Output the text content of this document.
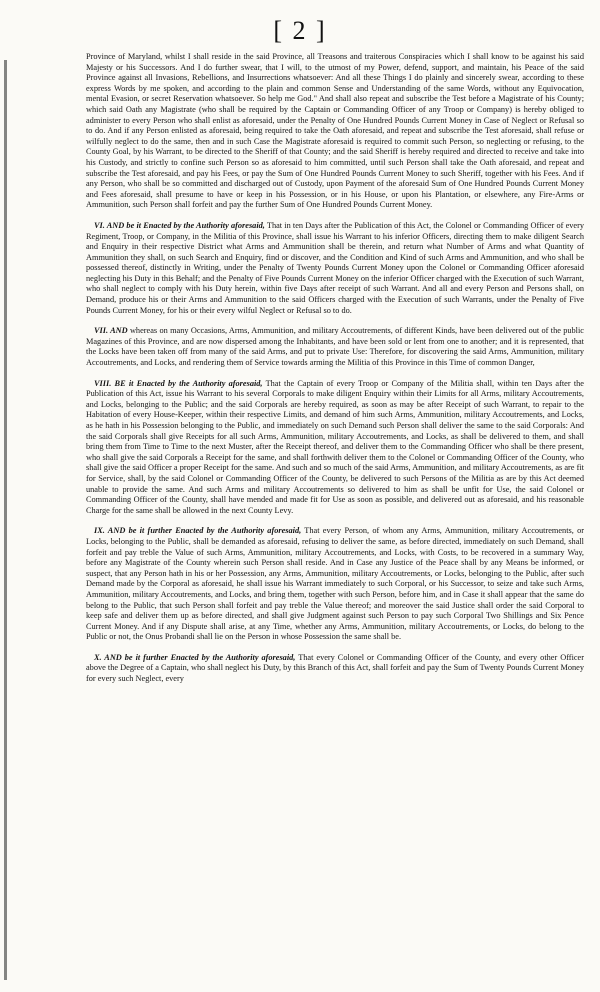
[ 2 ]

Province of Maryland, whilst I shall reside in the said Province, all Treasons and traiterous Conspiracies which I shall know to be against his said Majesty or his Successors. And I do further swear, that I will, to the utmost of my Power, defend, support, and maintain, his Peace of the said Province against all Invasions, Rebellions, and Insurrections whatsoever: And all these Things I do plainly and sincerely swear, according to these express Words by me spoken, and according to the plain and common Sense and Understanding of the same Words, without any Equivocation, mental Evasion, or secret Reservation whatsoever. So help me God." And shall also repeat and subscribe the Test before a Magistrate of his County; which said Oath any Magistrate (who shall be required by the Captain or Commanding Officer of any Troop or Company) is hereby obliged to administer to every Person who shall enlist as aforesaid, under the Penalty of One Hundred Pounds Current Money in Case of Neglect or Refusal so to do. And if any Person enlisted as aforesaid, being required to take the Oath aforesaid, and repeat and subscribe the Test aforesaid, shall refuse or wilfully neglect to do the same, then and in such Case the Magistrate aforesaid is required to commit such Person, so neglecting or refusing, to the County Goal, by his Warrant, to be directed to the Sheriff of that County; and the said Sheriff is hereby required and directed to receive and take into his Custody, and strictly to confine such Person so as aforesaid to him committed, until such Person shall take the Oath aforesaid, and repeat and subscribe the Test aforesaid, and pay his Fees, or pay the Sum of One Hundred Pounds Current Money to such Sheriff, together with his Fees. And if any Person, who shall be so committed and discharged out of Custody, upon Payment of the aforesaid Sum of One Hundred Pounds Current Money and Fees aforesaid, shall presume to have or keep in his Possession, or in his House, or upon his Plantation, or elsewhere, any Fire-Arms or Ammunition, such Person shall forfeit and pay the further Sum of One Hundred Pounds Current Money.

VI. AND be it Enacted by the Authority aforesaid, That in ten Days after the Publication of this Act, the Colonel or Commanding Officer of every Regiment, Troop, or Company, in the Militia of this Province, shall issue his Warrant to his inferior Officers, directing them to make diligent Search and Enquiry in their respective District what Arms and Ammunition shall be therein, and return what Number of Arms and what Quantity of Ammunition they shall, on such Search and Enquiry, find or discover, and the Condition and Kind of such Arms and Ammunition, and who shall be possessed thereof, distinctly in Writing, under the Penalty of Twenty Pounds Current Money upon the Colonel or Commanding Officer aforesaid neglecting his Duty in this Behalf; and the Penalty of Five Pounds Current Money on the inferior Officer charged with the Execution of such Warrant, who shall neglect to comply with his Duty herein, within five Days after receipt of such Warrant. And all and every Person and Persons shall, on Demand, produce his or their Arms and Ammunition to the said Officers charged with the Execution of such Warrants, under the Penalty of Five Pounds Current Money, for his or their every wilful Neglect or Refusal so to do.

VII. AND whereas on many Occasions, Arms, Ammunition, and military Accoutrements, of different Kinds, have been delivered out of the public Magazines of this Province, and are now dispersed among the Inhabitants, and have been sold or lent from one to another; and it is represented, that the Locks have been taken off from many of the said Arms, and put to private Use: Therefore, for discovering the said Arms, Ammunition, military Accoutrements, and Locks, and rendering them of Service towards arming the Militia of this Province in this Time of common Danger,

VIII. BE it Enacted by the Authority aforesaid, That the Captain of every Troop or Company of the Militia shall, within ten Days after the Publication of this Act, issue his Warrant to his several Corporals to make diligent Enquiry within their Limits for all Arms, military Accoutrements, and Locks, belonging to the Public; and the said Corporals are hereby required, as soon as may be after Receipt of such Warrant, to repair to the Habitation of every House-Keeper, within their respective Limits, and demand of him such Arms, Ammunition, military Accoutrements, and Locks, as he hath in his Possession belonging to the Public, and immediately on such Demand such Person shall deliver the same to the said Corporals: And the said Corporals shall give Receipts for all such Arms, Ammunition, military Accoutrements, and Locks, as shall be delivered to them, and shall bring them from Time to Time to the next Muster, after the Receipt thereof, and deliver them to the Commanding Officer who shall be there present, who shall give the said Corporals a Receipt for the same, and shall forthwith deliver them to the Colonel or Commanding Officer of the County, who shall give the said Officer a proper Receipt for the same. And such and so much of the said Arms, Ammunition, and military Accoutrements, as are fit for Service, shall, by the said Colonel or Commanding Officer of the County, be delivered to such Persons of the Militia as are by this Act deemed unable to provide the same. And such Arms and military Accoutrements so delivered to him as shall be unfit for Use, the said Colonel or Commanding Officer of the County, shall have mended and made fit for Use as soon as possible, and delivered out as aforesaid, and his reasonable Charge for the same shall be allowed in the next County Levy.

IX. AND be it further Enacted by the Authority aforesaid, That every Person, of whom any Arms, Ammunition, military Accoutrements, or Locks, belonging to the Public, shall be demanded as aforesaid, refusing to deliver the same, as before directed, immediately on such Demand, shall forfeit and pay treble the Value of such Arms, Ammunition, military Accoutrements, and Locks, with Costs, to be recovered in a summary Way, before any Magistrate of the County wherein such Person shall reside. And in Case any Justice of the Peace shall by any Means be informed, or suspect, that any Person hath in his or her Possession, any Arms, Ammunition, military Accoutrements, or Locks, belonging to the Public, after such Demand made by the Corporal as aforesaid, he shall issue his Warrant immediately to such Corporal, or his Successor, to seize and take such Arms, Ammunition, military Accoutrements, and Locks, and bring them, together with such Person, before him, and in Case it shall appear that the same do belong to the Public, that such Person shall forfeit and pay treble the Value thereof; and moreover the said Justice shall order the said Corporal to keep safe and deliver them up as before directed, and shall give Judgment against such Person to pay such Corporal Two Shillings and Six Pence Current Money. And if any Dispute shall arise, at any Time, whether any Arms, Ammunition, military Accoutrements, or Locks, do belong to the Public or not, the Onus Probandi shall lie on the Person in whose Possession the same shall be.

X. AND be it further Enacted by the Authority aforesaid, That every Colonel or Commanding Officer of the County, and every other Officer above the Degree of a Captain, who shall neglect his Duty, by this Branch of this Act, shall forfeit and pay the Sum of Twenty Pounds Current Money for every such Neglect, every
